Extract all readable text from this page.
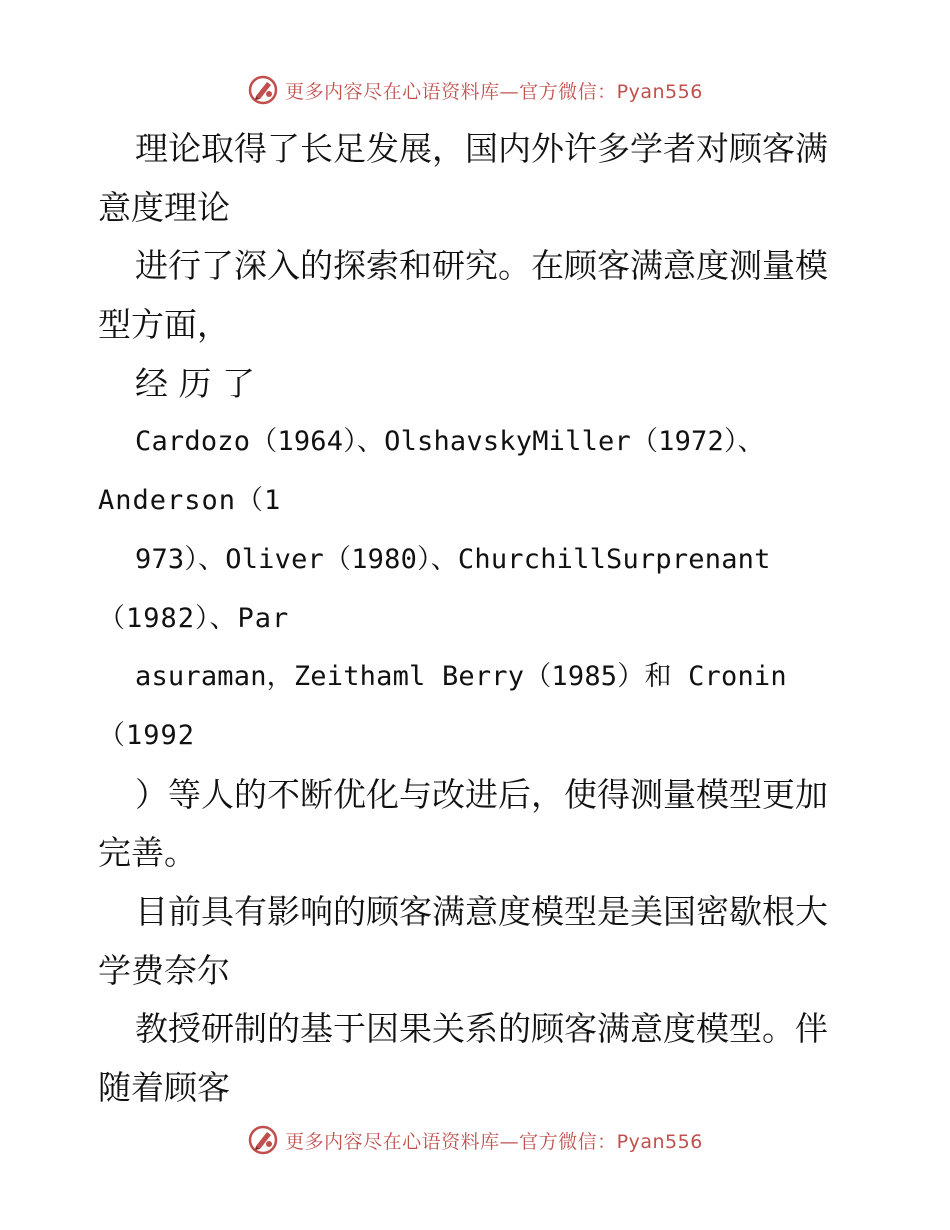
更多内容尽在心语资料库—官方微信：Pyan556
理论取得了长足发展，国内外许多学者对顾客满
意度理论
进行了深入的探索和研究。在顾客满意度测量模
型方面，
经 历 了
Cardozo（1964）、OlshavskyMiller（1972）、
Anderson（1
973）、Oliver（1980）、ChurchillSurprenant
（1982）、Par
asuraman，Zeithaml Berry（1985）和 Cronin
（1992
）等人的不断优化与改进后，使得测量模型更加
完善。
目前具有影响的顾客满意度模型是美国密歇根大
学费奈尔
教授研制的基于因果关系的顾客满意度模型。伴
随着顾客
更多内容尽在心语资料库—官方微信：Pyan556
